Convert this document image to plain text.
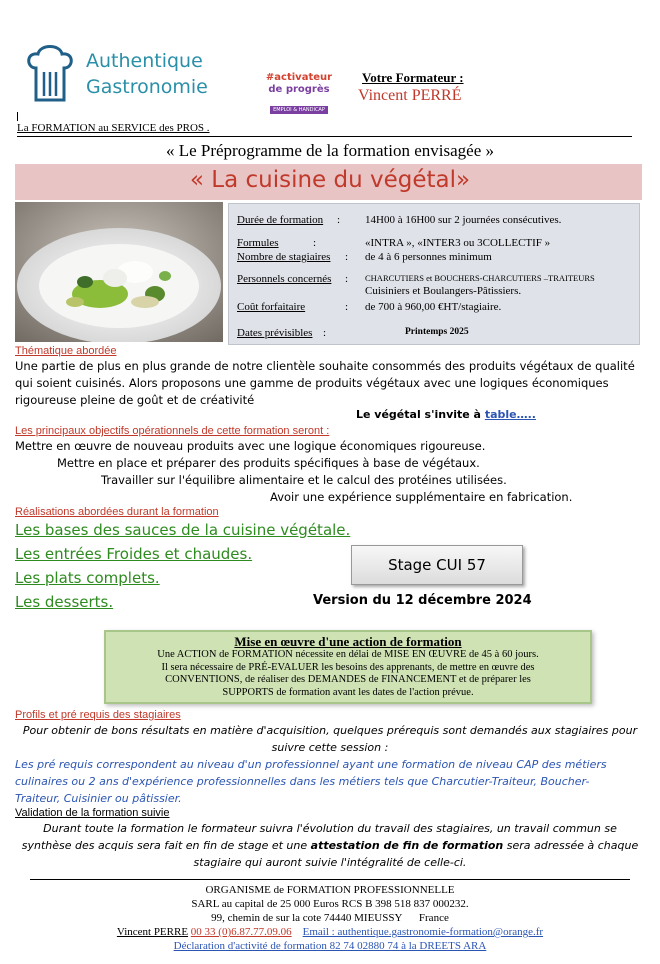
Authentique
Gastronomie	#activateur
de progrès
EMPLOI & HANDICAP
Votre Formateur :
Vincent PERRÉ
La FORMATION au SERVICE des PROS .
« Le Préprogramme de la formation envisagée »
« La cuisine du végétal»
Durée de formation : 14H00 à 16H00 sur 2 journées consécutives.
Formules	:	«INTRA », «INTER3 ou 3COLLECTIF »
Nombre de stagiaires : de 4 à 6 personnes minimum
Personnels concernés : CHARCUTIERS et BOUCHERS-CHARCUTIERS –TRAITEURS
Cuisiniers et Boulangers-Pâtissiers.
Coût forfaitaire	: de 700 à 960,00 €HT/stagiaire.
Dates prévisibles :	Printemps 2025
Thématique abordée
Une partie de plus en plus grande de notre clientèle souhaite consommés des produits végétaux de qualité qui soient cuisinés. Alors proposons une gamme de produits végétaux avec une logiques économiques rigoureuse pleine de goût et de créativité
Le végétal s'invite à table…..
Les principaux objectifs opérationnels de cette formation seront :
Mettre en œuvre de nouveau produits avec une logique économiques rigoureuse.
Mettre en place et préparer des produits spécifiques à base de végétaux.
Travailler sur l'équilibre alimentaire et le calcul des protéines utilisées.
Avoir une expérience supplémentaire en fabrication.
Réalisations abordées durant la formation
Les bases des sauces de la cuisine végétale.
Les entrées Froides et chaudes.
Les plats complets.
Les desserts.
Stage CUI 57
Version du 12 décembre 2024
Mise en œuvre d'une action de formation
Une ACTION de FORMATION nécessite en délai de MISE EN ŒUVRE de 45 à 60 jours.
Il sera nécessaire de PRÉ-EVALUER les besoins des apprenants, de mettre en œuvre des
CONVENTIONS, de réaliser des DEMANDES de FINANCEMENT et de préparer les
SUPPORTS de formation avant les dates de l'action prévue.
Profils et pré requis des stagiaires
Pour obtenir de bons résultats en matière d'acquisition, quelques prérequis sont demandés aux stagiaires pour
suivre cette session :
Les pré requis correspondent au niveau d'un professionnel ayant une formation de niveau CAP des métiers
culinaires ou 2 ans d'expérience professionnelles dans les métiers tels que Charcutier-Traiteur, Boucher-
Traiteur, Cuisinier ou pâtissier.
Validation de la formation suivie
Durant toute la formation le formateur suivra l'évolution du travail des stagiaires, un travail commun se
synthèse des acquis sera fait en fin de stage et une attestation de fin de formation sera adressée à chaque
stagiaire qui auront suivie l'intégralité de celle-ci.
ORGANISME de FORMATION PROFESSIONNELLE
SARL au capital de 25 000 Euros RCS B 398 518 837 000232.
99, chemin de sur la cote 74440 MIEUSSY France
Vincent PERRE 00 33 (0)6.87.77.09.06 Email : authentique.gastronomie-formation@orange.fr
Déclaration d'activité de formation 82 74 02880 74 à la DREETS ARA
